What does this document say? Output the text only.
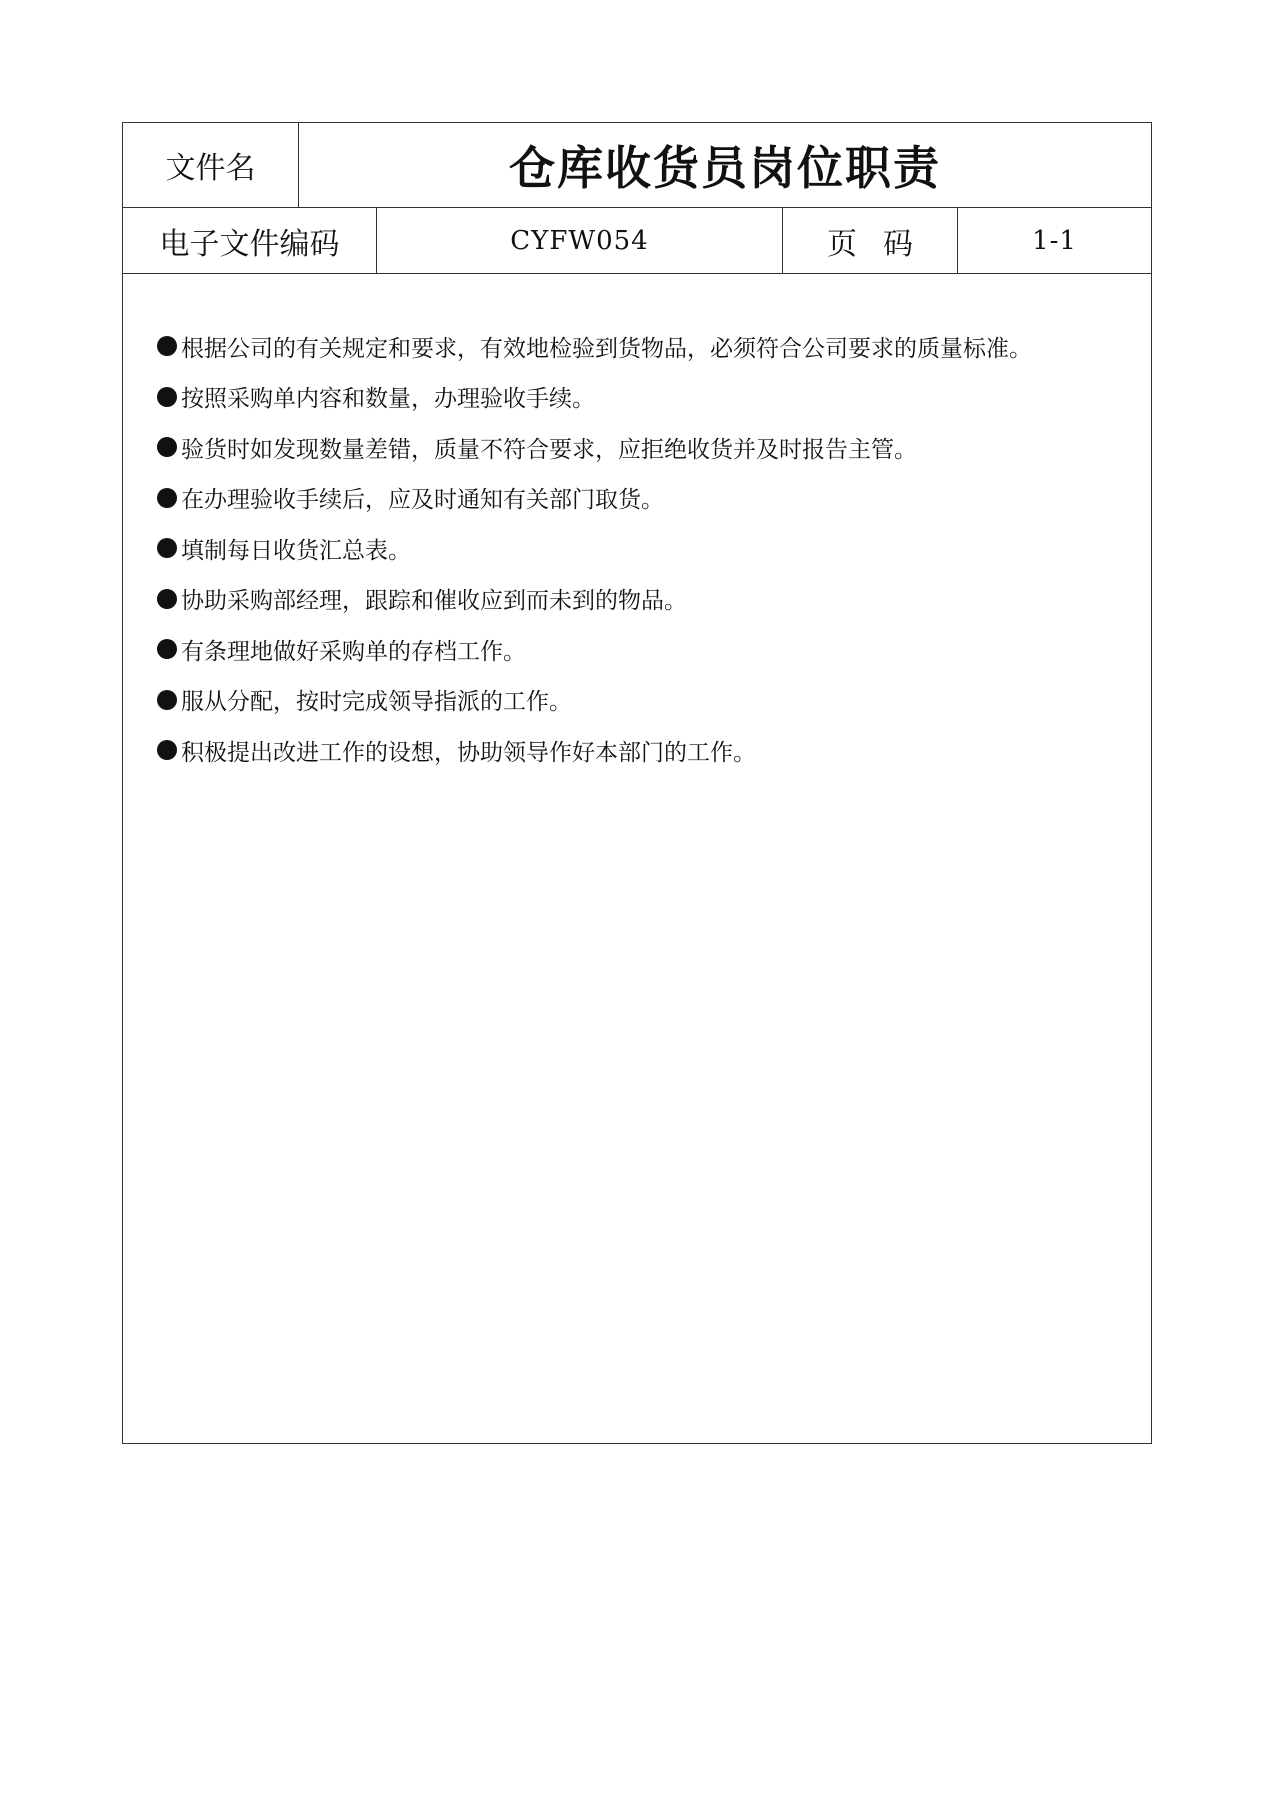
文件名	仓库收货员岗位职责
电子文件编码	CYFW054	页码	1-1
根据公司的有关规定和要求，有效地检验到货物品，必须符合公司要求的质量标准。
按照采购单内容和数量，办理验收手续。
验货时如发现数量差错，质量不符合要求，应拒绝收货并及时报告主管。
在办理验收手续后，应及时通知有关部门取货。
填制每日收货汇总表。
协助采购部经理，跟踪和催收应到而未到的物品。
有条理地做好采购单的存档工作。
服从分配，按时完成领导指派的工作。
积极提出改进工作的设想，协助领导作好本部门的工作。
